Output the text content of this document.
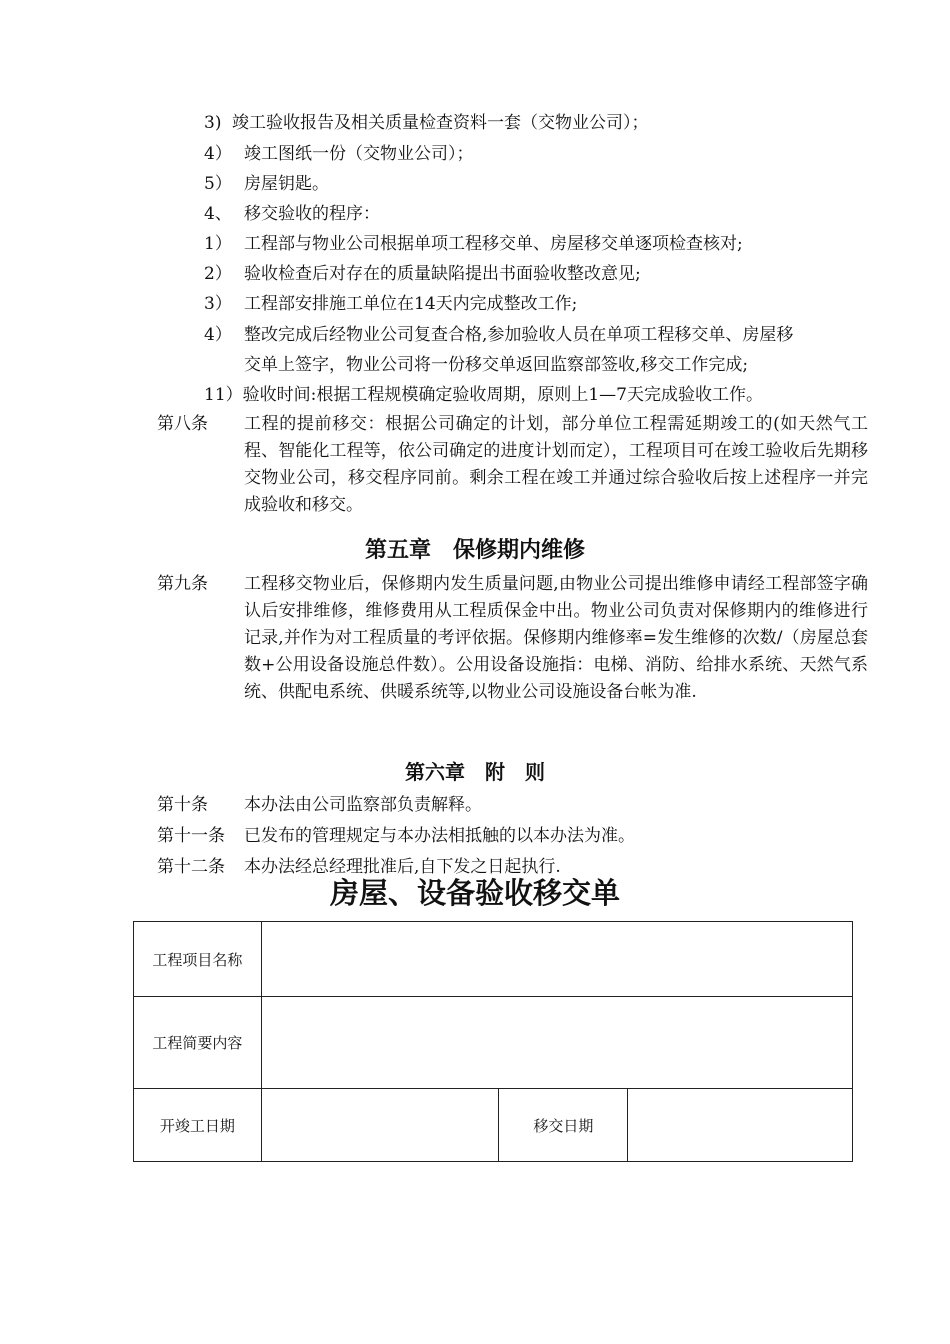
3) 竣工验收报告及相关质量检查资料一套（交物业公司）；
4） 竣工图纸一份（交物业公司）；
5） 房屋钥匙。
4、 移交验收的程序：
1） 工程部与物业公司根据单项工程移交单、房屋移交单逐项检查核对;
2） 验收检查后对存在的质量缺陷提出书面验收整改意见;
3） 工程部安排施工单位在14天内完成整改工作;
4） 整改完成后经物业公司复查合格,参加验收人员在单项工程移交单、房屋移
交单上签字，物业公司将一份移交单返回监察部签收,移交工作完成;
11）验收时间:根据工程规模确定验收周期，原则上1—7天完成验收工作。
第八条 工程的提前移交：根据公司确定的计划，部分单位工程需延期竣工的(如天然气工程、智能化工程等，依公司确定的进度计划而定），工程项目可在竣工验收后先期移交物业公司，移交程序同前。剩余工程在竣工并通过综合验收后按上述程序一并完成验收和移交。
第五章　保修期内维修
第九条 工程移交物业后，保修期内发生质量问题,由物业公司提出维修申请经工程部签字确认后安排维修，维修费用从工程质保金中出。物业公司负责对保修期内的维修进行记录,并作为对工程质量的考评依据。保修期内维修率=发生维修的次数/（房屋总套数+公用设备设施总件数）。公用设备设施指：电梯、消防、给排水系统、天然气系统、供配电系统、供暖系统等,以物业公司设施设备台帐为准.
第六章　附　则
第十条 本办法由公司监察部负责解释。
第十一条 已发布的管理规定与本办法相抵触的以本办法为准。
第十二条 本办法经总经理批准后,自下发之日起执行.
房屋、设备验收移交单
工程项目名称			
工程简要内容			
开竣工日期		移交日期	
